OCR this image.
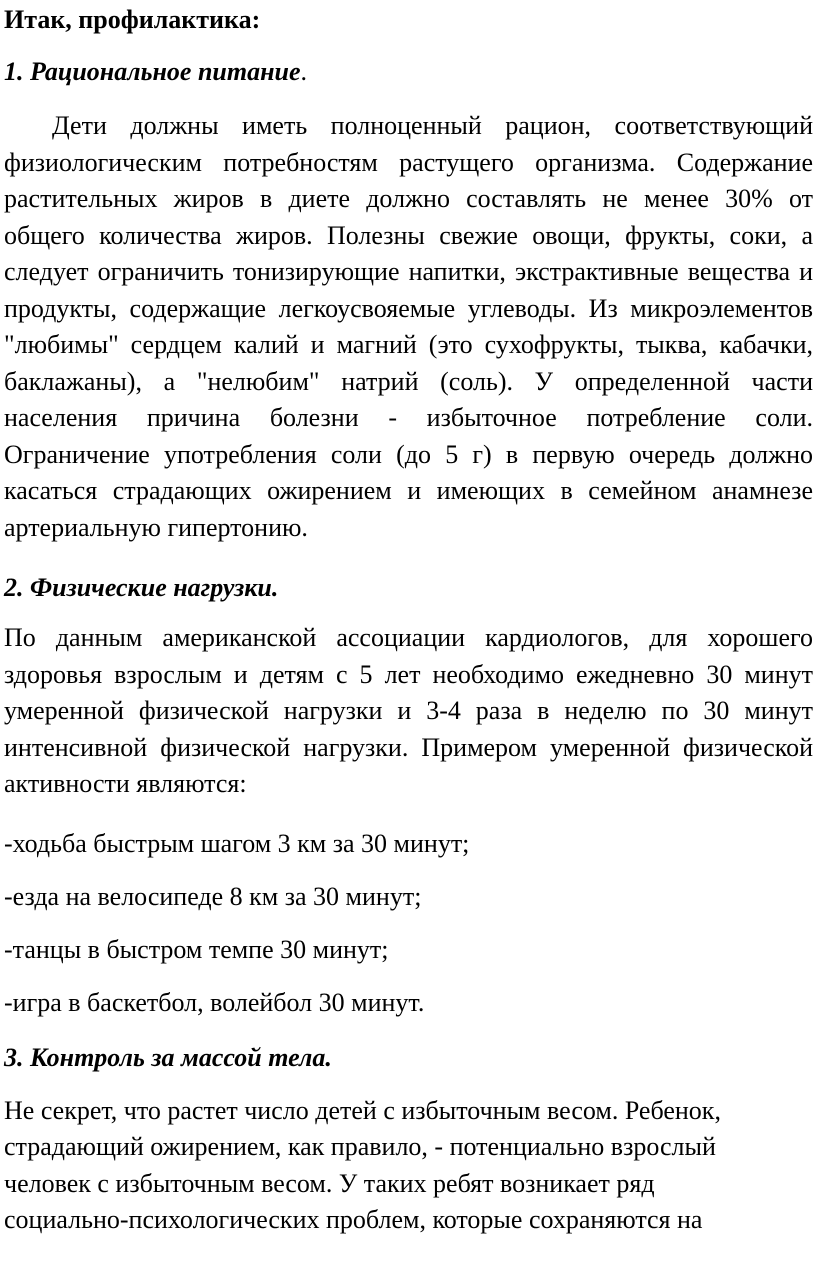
Итак, профилактика:
1. Рациональное питание.

Дети должны иметь полноценный рацион, соответствующий физиологическим потребностям растущего организма. Содержание растительных жиров в диете должно составлять не менее 30% от общего количества жиров. Полезны свежие овощи, фрукты, соки, а следует ограничить тонизирующие напитки, экстрактивные вещества и продукты, содержащие легкоусвояемые углеводы. Из микроэлементов "любимы" сердцем калий и магний (это сухофрукты, тыква, кабачки, баклажаны), а "нелюбим" натрий (соль). У определенной части населения причина болезни - избыточное потребление соли. Ограничение употребления соли (до 5 г) в первую очередь должно касаться страдающих ожирением и имеющих в семейном анамнезе артериальную гипертонию.

2. Физические нагрузки.

По данным американской ассоциации кардиологов, для хорошего здоровья взрослым и детям с 5 лет необходимо ежедневно 30 минут умеренной физической нагрузки и 3-4 раза в неделю по 30 минут интенсивной физической нагрузки. Примером умеренной физической активности являются:

-ходьба быстрым шагом 3 км за 30 минут;

-езда на велосипеде 8 км за 30 минут;

-танцы в быстром темпе 30 минут;

-игра в баскетбол, волейбол 30 минут.

3. Контроль за массой тела.

Не секрет, что растет число детей с избыточным весом. Ребенок,

страдающий ожирением, как правило, - потенциально взрослый

человек с избыточным весом. У таких ребят возникает ряд

социально-психологических проблем, которые сохраняются на
